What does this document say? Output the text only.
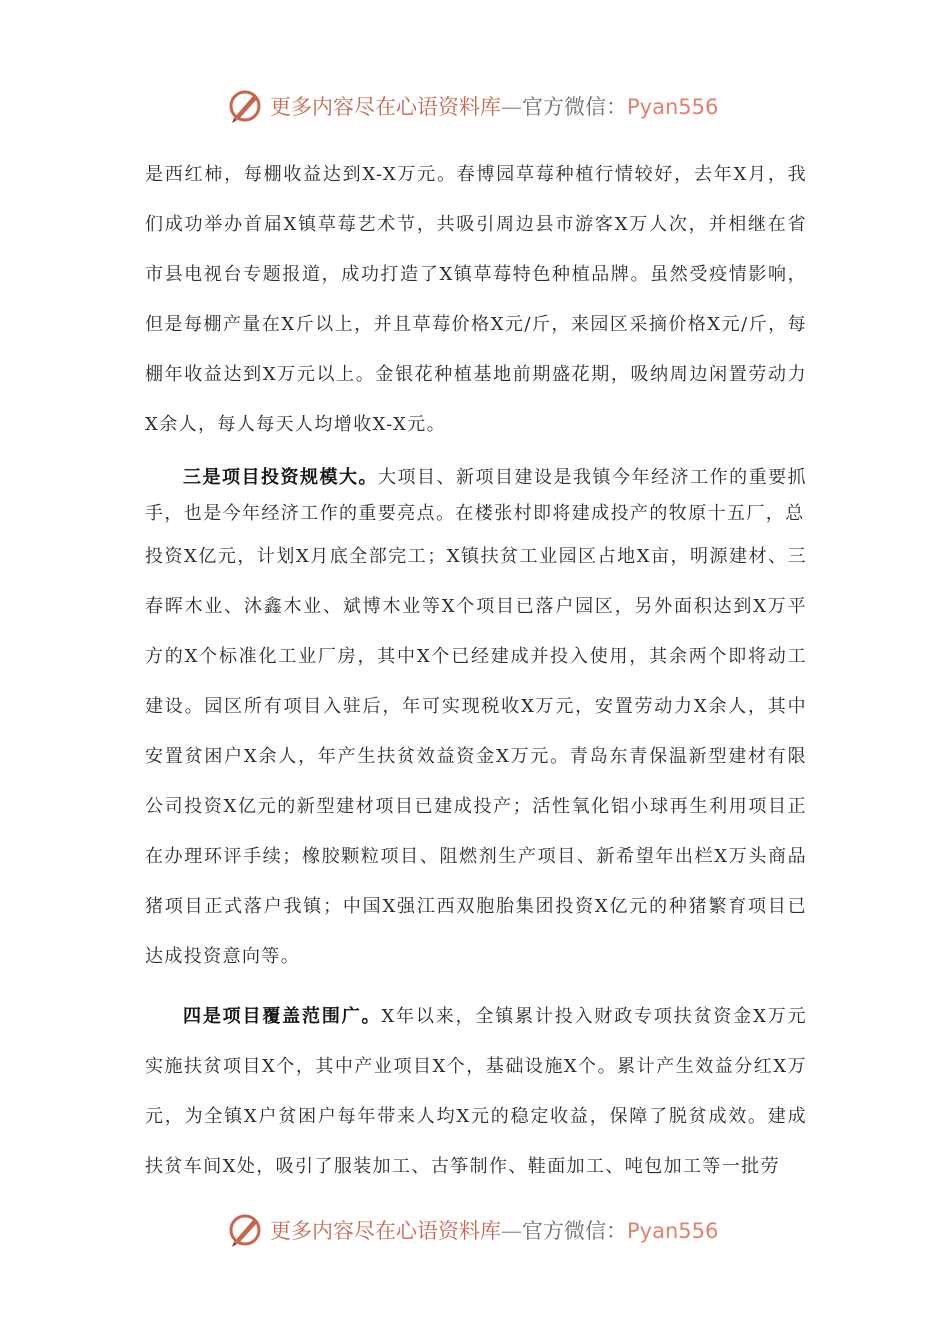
更多内容尽在心语资料库—官方微信：Pyan556

是西红柿，每棚收益达到X-X万元。春博园草莓种植行情较好，去年X月，我们成功举办首届X镇草莓艺术节，共吸引周边县市游客X万人次，并相继在省市县电视台专题报道，成功打造了X镇草莓特色种植品牌。虽然受疫情影响，但是每棚产量在X斤以上，并且草莓价格X元/斤，来园区采摘价格X元/斤，每棚年收益达到X万元以上。金银花种植基地前期盛花期，吸纳周边闲置劳动力X余人，每人每天人均增收X-X元。

三是项目投资规模大。大项目、新项目建设是我镇今年经济工作的重要抓手，也是今年经济工作的重要亮点。在楼张村即将建成投产的牧原十五厂，总

投资X亿元，计划X月底全部完工；X镇扶贫工业园区占地X亩，明源建材、三春晖木业、沐鑫木业、斌博木业等X个项目已落户园区，另外面积达到X万平方的X个标准化工业厂房，其中X个已经建成并投入使用，其余两个即将动工建设。园区所有项目入驻后，年可实现税收X万元，安置劳动力X余人，其中安置贫困户X余人，年产生扶贫效益资金X万元。青岛东青保温新型建材有限公司投资X亿元的新型建材项目已建成投产；活性氧化铝小球再生利用项目正在办理环评手续；橡胶颗粒项目、阻燃剂生产项目、新希望年出栏X万头商品猪项目正式落户我镇；中国X强江西双胞胎集团投资X亿元的种猪繁育项目已达成投资意向等。

四是项目覆盖范围广。X年以来，全镇累计投入财政专项扶贫资金X万元实施扶贫项目X个，其中产业项目X个，基础设施X个。累计产生效益分红X万元，为全镇X户贫困户每年带来人均X元的稳定收益，保障了脱贫成效。建成扶贫车间X处，吸引了服装加工、古筝制作、鞋面加工、吨包加工等一批劳

更多内容尽在心语资料库—官方微信：Pyan556
